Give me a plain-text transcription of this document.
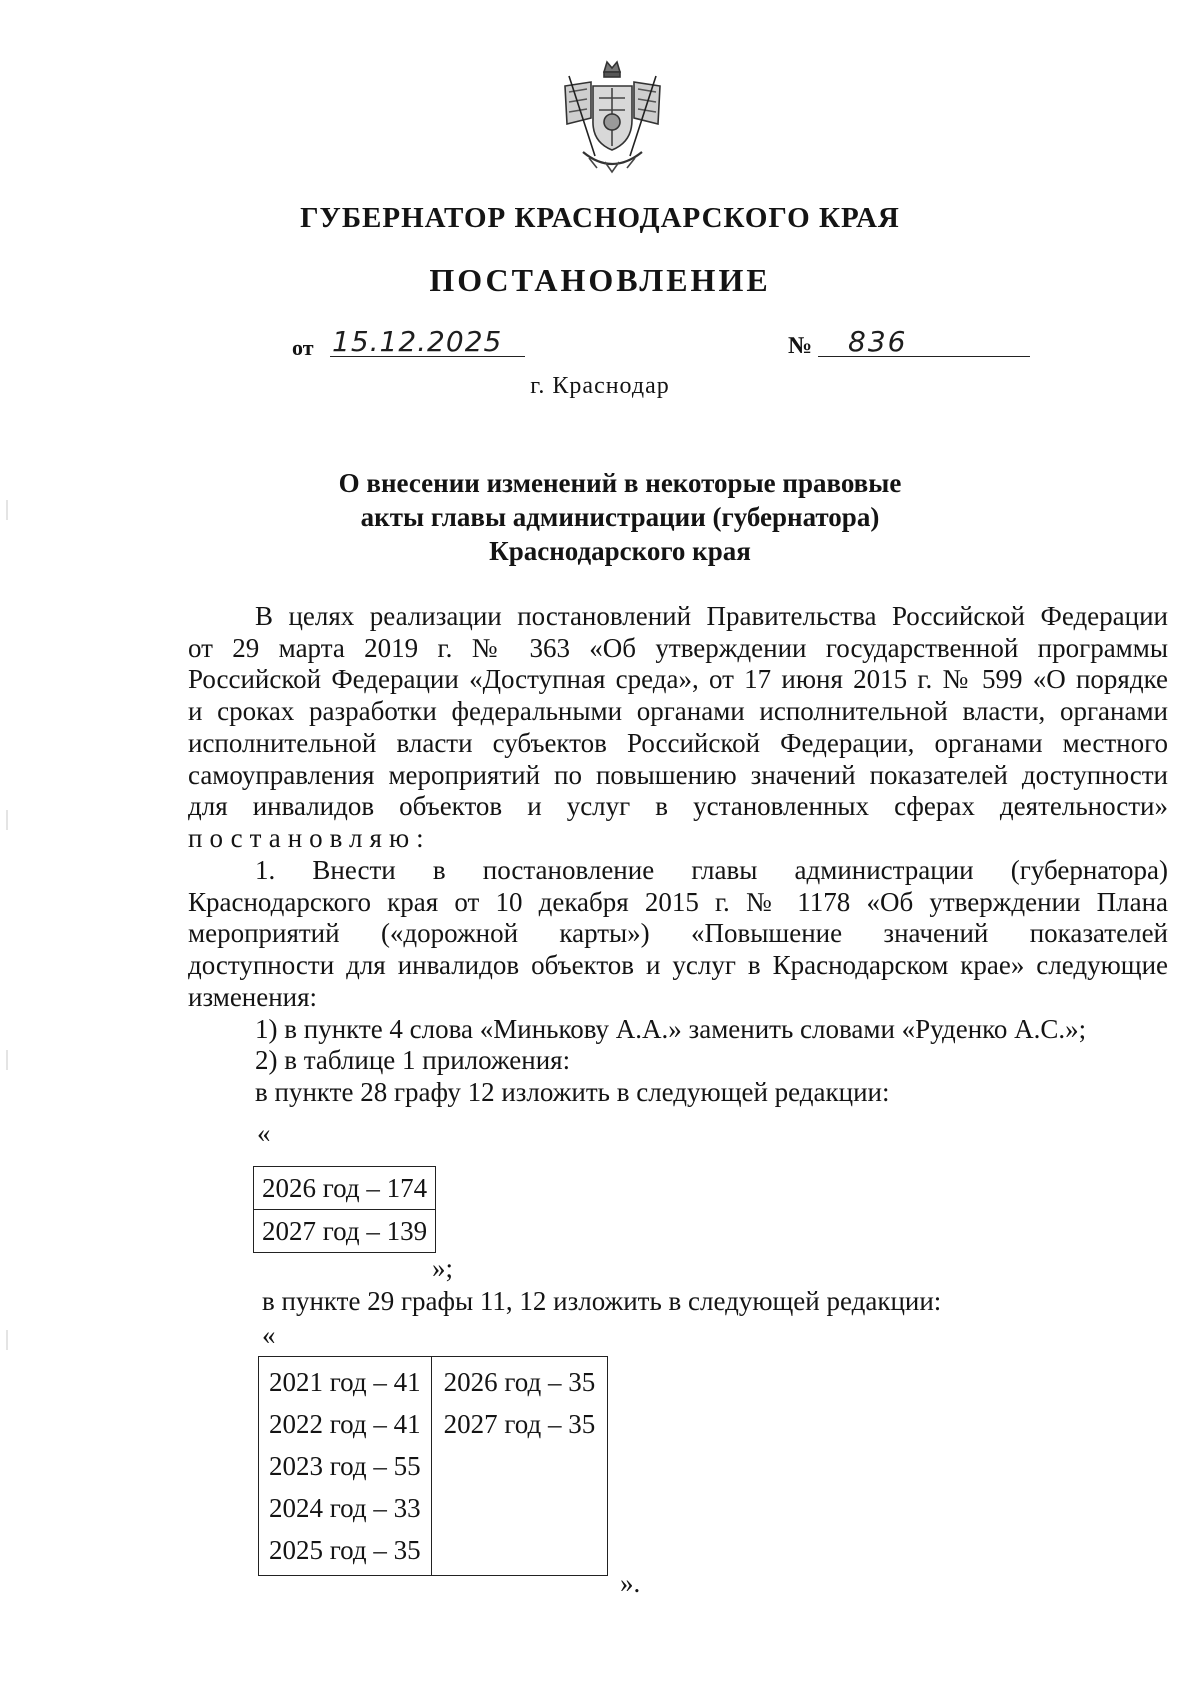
ГУБЕРНАТОР КРАСНОДАРСКОГО КРАЯ
ПОСТАНОВЛЕНИЕ
от 15.12.2025	№ 836
г. Краснодар
О внесении изменений в некоторые правовые
акты главы администрации (губернатора)
Краснодарского края
В целях реализации постановлений Правительства Российской Федерации
от 29 марта 2019 г. № 363 «Об утверждении государственной программы
Российской Федерации «Доступная среда», от 17 июня 2015 г. № 599 «О порядке
и сроках разработки федеральными органами исполнительной власти, органами
исполнительной власти субъектов Российской Федерации, органами местного
самоуправления мероприятий по повышению значений показателей доступности
для инвалидов объектов и услуг в установленных сферах деятельности»
постановляю:
1. Внести в постановление главы администрации (губернатора)
Краснодарского края от 10 декабря 2015 г. № 1178 «Об утверждении Плана
мероприятий («дорожной карты») «Повышение значений показателей
доступности для инвалидов объектов и услуг в Краснодарском крае» следующие
изменения:
1) в пункте 4 слова «Минькову А.А.» заменить словами «Руденко А.С.»;
2) в таблице 1 приложения:
в пункте 28 графу 12 изложить в следующей редакции:
«
2026 год – 174

2027 год – 139
»;
в пункте 29 графы 11, 12 изложить в следующей редакции:
«
2021 год – 41
2022 год – 41
2023 год – 55
2024 год – 33
2025 год – 35

2026 год – 35
2027 год – 35
».
